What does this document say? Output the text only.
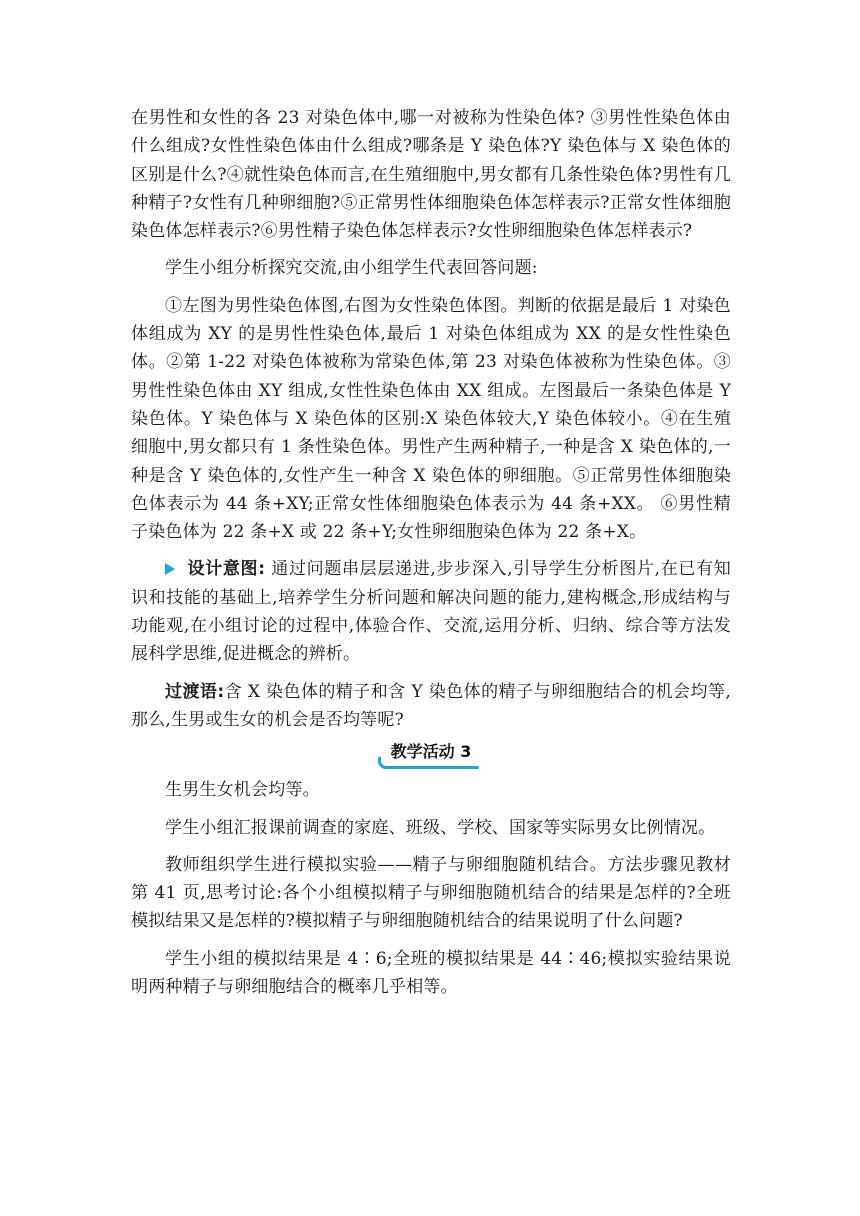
在男性和女性的各 23 对染色体中,哪一对被称为性染色体? ③男性性染色体由什么组成?女性性染色体由什么组成?哪条是 Y 染色体?Y 染色体与 X 染色体的区别是什么?④就性染色体而言,在生殖细胞中,男女都有几条性染色体?男性有几种精子?女性有几种卵细胞?⑤正常男性体细胞染色体怎样表示?正常女性体细胞染色体怎样表示?⑥男性精子染色体怎样表示?女性卵细胞染色体怎样表示?

学生小组分析探究交流,由小组学生代表回答问题:

①左图为男性染色体图,右图为女性染色体图。判断的依据是最后 1 对染色体组成为 XY 的是男性性染色体,最后 1 对染色体组成为 XX 的是女性性染色体。②第 1-22 对染色体被称为常染色体,第 23 对染色体被称为性染色体。③男性性染色体由 XY 组成,女性性染色体由 XX 组成。左图最后一条染色体是 Y 染色体。Y 染色体与 X 染色体的区别:X 染色体较大,Y 染色体较小。④在生殖细胞中,男女都只有 1 条性染色体。男性产生两种精子,一种是含 X 染色体的,一种是含 Y 染色体的,女性产生一种含 X 染色体的卵细胞。⑤正常男性体细胞染色体表示为 44 条+XY;正常女性体细胞染色体表示为 44 条+XX。 ⑥男性精子染色体为 22 条+X 或 22 条+Y;女性卵细胞染色体为 22 条+X。

设计意图: 通过问题串层层递进,步步深入,引导学生分析图片,在已有知识和技能的基础上,培养学生分析问题和解决问题的能力,建构概念,形成结构与功能观,在小组讨论的过程中,体验合作、交流,运用分析、归纳、综合等方法发展科学思维,促进概念的辨析。

过渡语:含 X 染色体的精子和含 Y 染色体的精子与卵细胞结合的机会均等,那么,生男或生女的机会是否均等呢?

教学活动 3

生男生女机会均等。

学生小组汇报课前调查的家庭、班级、学校、国家等实际男女比例情况。

教师组织学生进行模拟实验——精子与卵细胞随机结合。方法步骤见教材第 41 页,思考讨论:各个小组模拟精子与卵细胞随机结合的结果是怎样的?全班模拟结果又是怎样的?模拟精子与卵细胞随机结合的结果说明了什么问题?

学生小组的模拟结果是 4∶6;全班的模拟结果是 44∶46;模拟实验结果说明两种精子与卵细胞结合的概率几乎相等。
